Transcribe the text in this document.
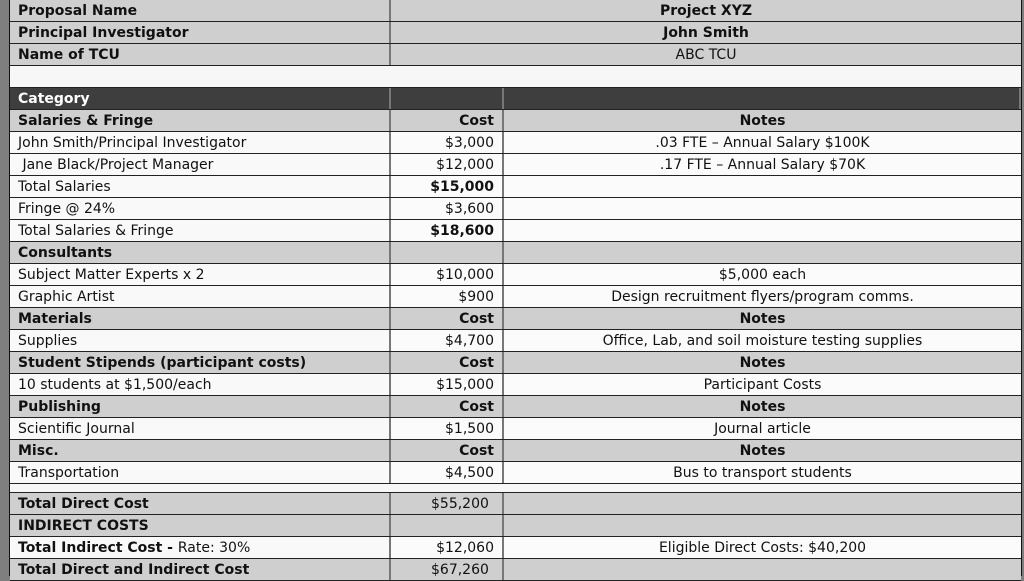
Proposal Name	Project XYZ
Principal Investigator	John Smith
Name of TCU	ABC TCU
Category
Salaries & Fringe	Cost	Notes
John Smith/Principal Investigator	$3,000	.03 FTE – Annual Salary $100K
Jane Black/Project Manager	$12,000	.17 FTE – Annual Salary $70K
Total Salaries	$15,000
Fringe @ 24%	$3,600
Total Salaries & Fringe	$18,600
Consultants
Subject Matter Experts x 2	$10,000	$5,000 each
Graphic Artist	$900	Design recruitment flyers/program comms.
Materials	Cost	Notes
Supplies	$4,700	Office, Lab, and soil moisture testing supplies
Student Stipends (participant costs)	Cost	Notes
10 students at $1,500/each	$15,000	Participant Costs
Publishing	Cost	Notes
Scientific Journal	$1,500	Journal article
Misc.	Cost	Notes
Transportation	$4,500	Bus to transport students
Total Direct Cost	$55,200
INDIRECT COSTS
Total Indirect Cost - Rate: 30%	$12,060	Eligible Direct Costs: $40,200
Total Direct and Indirect Cost	$67,260
